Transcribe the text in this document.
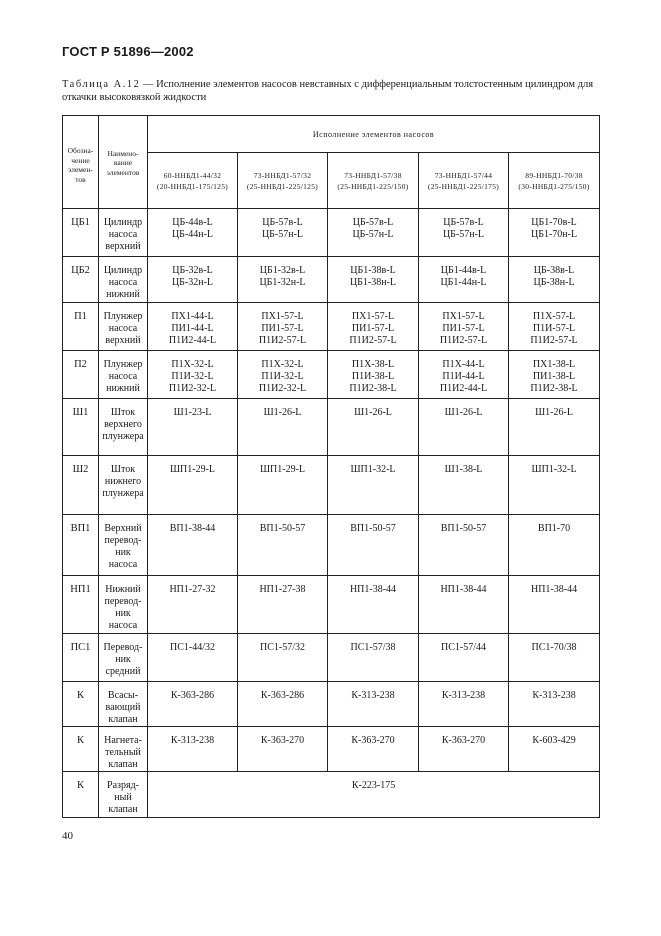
ГОСТ Р 51896—2002
Таблица А.12 — Исполнение элементов насосов невставных с дифференциальным толстостенным цилиндром для откачки высоковязкой жидкости
Обозна-
чение
элемен-
тов	Наимено-
вание
элементов	Исполнение элементов насосов				
		60-ННБД1-44/32
(20-ННБД1-175/125)	73-ННБД1-57/32
(25-ННБД1-225/125)	73-ННБД1-57/38
(25-ННБД1-225/150)	73-ННБД1-57/44
(25-ННБД1-225/175)	89-ННБД1-70/38
(30-ННБД1-275/150)

ЦБ1	Цилиндр
насоса
верхний	ЦБ-44в-L
ЦБ-44н-L	ЦБ-57в-L
ЦБ-57н-L	ЦБ-57в-L
ЦБ-57н-L	ЦБ-57в-L
ЦБ-57н-L	ЦБ1-70в-L
ЦБ1-70н-L

ЦБ2	Цилиндр
насоса
нижний	ЦБ-32в-L
ЦБ-32н-L	ЦБ1-32в-L
ЦБ1-32н-L	ЦБ1-38в-L
ЦБ1-38н-L	ЦБ1-44в-L
ЦБ1-44н-L	ЦБ-38в-L
ЦБ-38н-L

П1	Плунжер
насоса
верхний	ПХ1-44-L
ПИ1-44-L
П1И2-44-L	ПХ1-57-L
ПИ1-57-L
П1И2-57-L	ПХ1-57-L
ПИ1-57-L
П1И2-57-L	ПХ1-57-L
ПИ1-57-L
П1И2-57-L	П1Х-57-L
П1И-57-L
П1И2-57-L

П2	Плунжер
насоса
нижний	П1Х-32-L
П1И-32-L
П1И2-32-L	П1Х-32-L
П1И-32-L
П1И2-32-L	П1Х-38-L
П1И-38-L
П1И2-38-L	П1Х-44-L
П1И-44-L
П1И2-44-L	ПХ1-38-L
ПИ1-38-L
П1И2-38-L

Ш1	Шток
верхнего
плунжера	Ш1-23-L	Ш1-26-L	Ш1-26-L	Ш1-26-L	Ш1-26-L

Ш2	Шток
нижнего
плунжера	ШП1-29-L	ШП1-29-L	ШП1-32-L	Ш1-38-L	ШП1-32-L

ВП1	Верхний
перевод-
ник
насоса	ВП1-38-44	ВП1-50-57	ВП1-50-57	ВП1-50-57	ВП1-70

НП1	Нижний
перевод-
ник
насоса	НП1-27-32	НП1-27-38	НП1-38-44	НП1-38-44	НП1-38-44

ПС1	Перевод-
ник
средний	ПС1-44/32	ПС1-57/32	ПС1-57/38	ПС1-57/44	ПС1-70/38

К	Всасы-
вающий
клапан	К-363-286	К-363-286	К-313-238	К-313-238	К-313-238

К	Нагнета-
тельный
клапан	К-313-238	К-363-270	К-363-270	К-363-270	К-603-429

К	Разряд-
ный
клапан	К-223-175				
40
